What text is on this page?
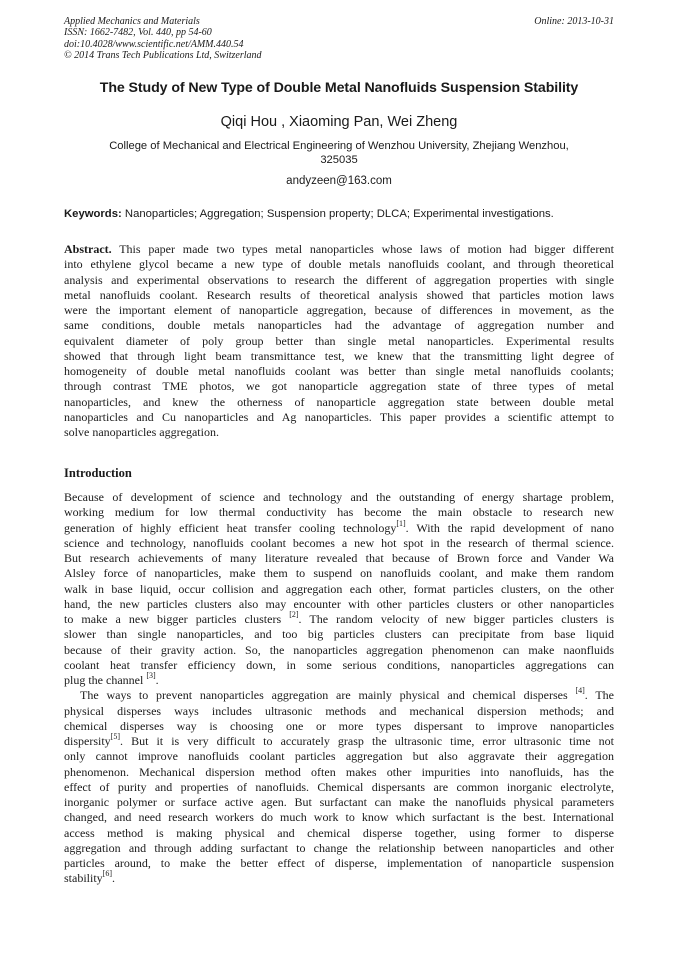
Applied Mechanics and Materials
ISSN: 1662-7482, Vol. 440, pp 54-60
doi:10.4028/www.scientific.net/AMM.440.54
© 2014 Trans Tech Publications Ltd, Switzerland
Online: 2013-10-31
The Study of New Type of Double Metal Nanofluids Suspension Stability
Qiqi Hou , Xiaoming Pan, Wei Zheng
College of Mechanical and Electrical Engineering of Wenzhou University, Zhejiang Wenzhou,
325035
andyzeen@163.com
Keywords: Nanoparticles; Aggregation; Suspension property; DLCA; Experimental investigations.
Abstract. This paper made two types metal nanoparticles whose laws of motion had bigger different
into ethylene glycol became a new type of double metals nanofluids coolant, and through theoretical
analysis and experimental observations to research the different of aggregation properties with single
metal nanofluids coolant. Research results of theoretical analysis showed that particles motion laws
were the important element of nanoparticle aggregation, because of differences in movement, as the
same conditions, double metals nanoparticles had the advantage of aggregation number and
equivalent diameter of poly group better than single metal nanoparticles. Experimental results
showed that through light beam transmittance test, we knew that the transmitting light degree of
homogeneity of double metal nanofluids coolant was better than single metal nanofluids coolants;
through contrast TME photos, we got nanoparticle aggregation state of three types of metal
nanoparticles, and knew the otherness of nanoparticle aggregation state between double metal
nanoparticles and Cu nanoparticles and Ag nanoparticles. This paper provides a scientific attempt to
solve nanoparticles aggregation.
Introduction
Because of development of science and technology and the outstanding of energy shartage problem,
working medium for low thermal conductivity has become the main obstacle to research new
generation of highly efficient heat transfer cooling technology[1]. With the rapid development of nano
science and technology, nanofluids coolant becomes a new hot spot in the research of thermal science.
But research achievements of many literature revealed that because of Brown force and Vander Wa
Alsley force of nanoparticles, make them to suspend on nanofluids coolant, and make them random
walk in base liquid, occur collision and aggregation each other, format particles clusters, on the other
hand, the new particles clusters also may encounter with other particles clusters or other nanoparticles
to make a new bigger particles clusters [2]. The random velocity of new bigger particles clusters is
slower than single nanoparticles, and too big particles clusters can precipitate from base liquid
because of their gravity action. So, the nanoparticles aggregation phenomenon can make naonfluids
coolant heat transfer efficiency down, in some serious conditions, nanoparticles aggregations can
plug the channel [3].
The ways to prevent nanoparticles aggregation are mainly physical and chemical disperses [4]. The
physical disperses ways includes ultrasonic methods and mechanical dispersion methods; and
chemical disperses way is choosing one or more types dispersant to improve nanoparticles
dispersity[5]. But it is very difficult to accurately grasp the ultrasonic time, error ultrasonic time not
only cannot improve nanofluids coolant particles aggregation but also aggravate their aggregation
phenomenon. Mechanical dispersion method often makes other impurities into nanofluids, has the
effect of purity and properties of nanofluids. Chemical dispersants are common inorganic electrolyte,
inorganic polymer or surface active agen. But surfactant can make the nanofluids physical parameters
changed, and need research workers do much work to know which surfactant is the best. International
access method is making physical and chemical disperse together, using former to disperse
aggregation and through adding surfactant to change the relationship between nanoparticles and other
particles around, to make the better effect of disperse, implementation of nanoparticle suspension
stability[6].
